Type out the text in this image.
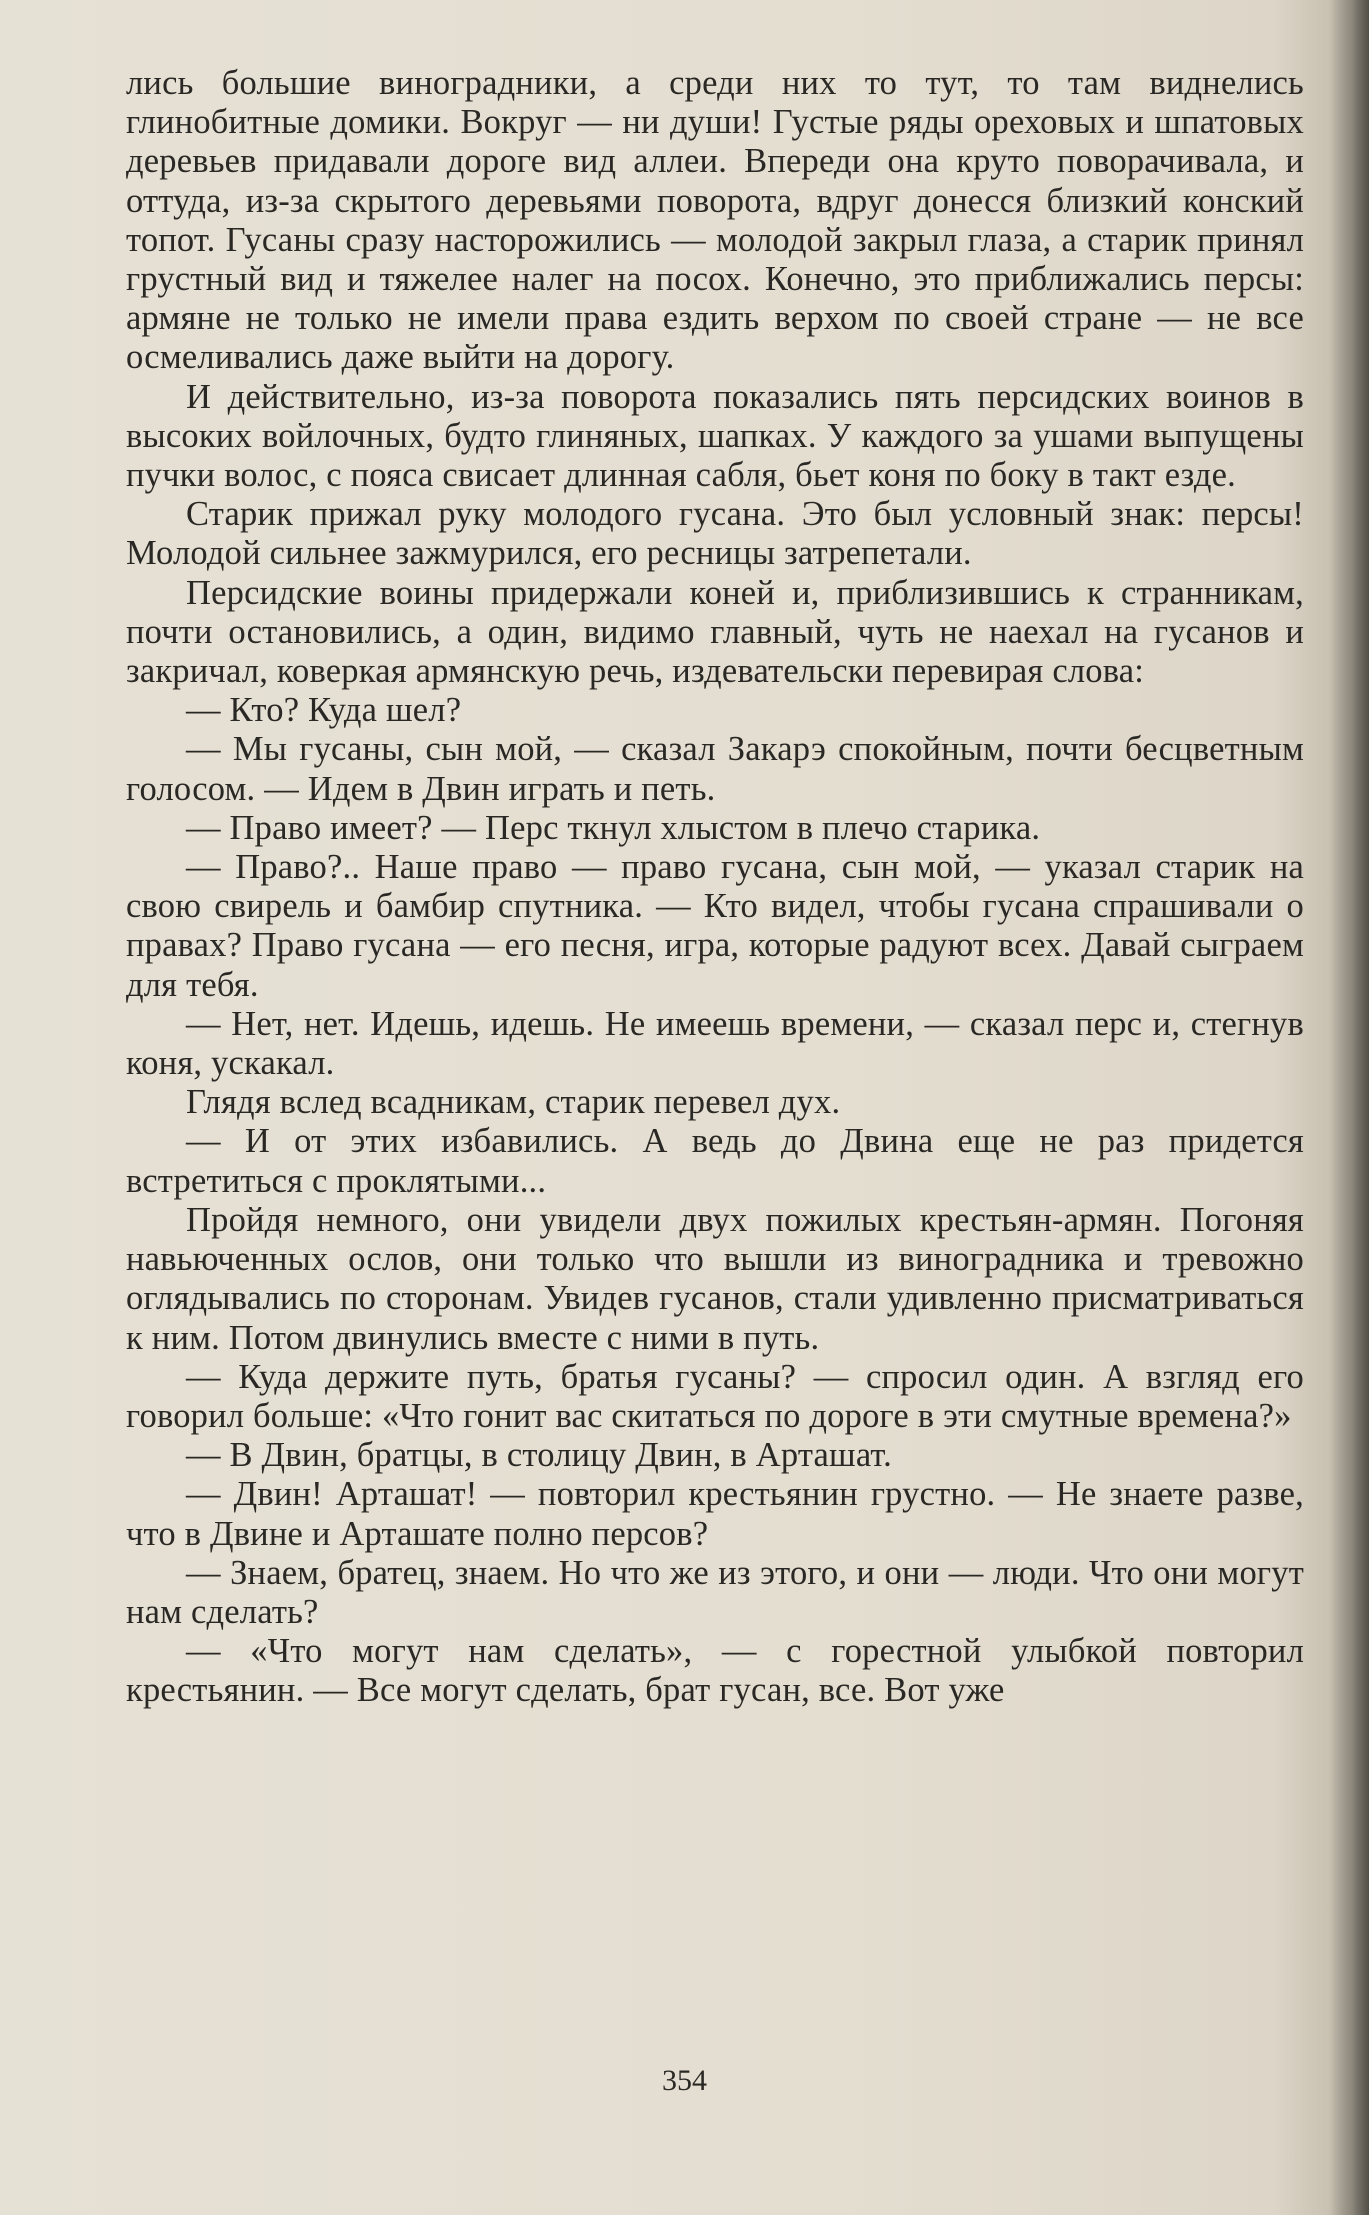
лись большие виноградники, а среди них то тут, то там виднелись глинобитные домики. Вокруг — ни души! Густые ряды ореховых и шпатовых деревьев придавали дороге вид аллеи. Впереди она круто поворачивала, и оттуда, из-за скрытого деревьями поворота, вдруг донесся близкий конский топот. Гусаны сразу насторожились — молодой закрыл глаза, а старик принял грустный вид и тяжелее налег на посох. Конечно, это приближались персы: армяне не только не имели права ездить верхом по своей стране — не все осмеливались даже выйти на дорогу.

И действительно, из-за поворота показались пять персидских воинов в высоких войлочных, будто глиняных, шапках. У каждого за ушами выпущены пучки волос, с пояса свисает длинная сабля, бьет коня по боку в такт езде.

Старик прижал руку молодого гусана. Это был условный знак: персы! Молодой сильнее зажмурился, его ресницы затрепетали.

Персидские воины придержали коней и, приблизившись к странникам, почти остановились, а один, видимо главный, чуть не наехал на гусанов и закричал, коверкая армянскую речь, издевательски перевирая слова:

— Кто? Куда шел?

— Мы гусаны, сын мой, — сказал Закарэ спокойным, почти бесцветным голосом. — Идем в Двин играть и петь.

— Право имеет? — Перс ткнул хлыстом в плечо старика.

— Право?.. Наше право — право гусана, сын мой, — указал старик на свою свирель и бамбир спутника. — Кто видел, чтобы гусана спрашивали о правах? Право гусана — его песня, игра, которые радуют всех. Давай сыграем для тебя.

— Нет, нет. Идешь, идешь. Не имеешь времени, — сказал перс и, стегнув коня, ускакал.

Глядя вслед всадникам, старик перевел дух.

— И от этих избавились. А ведь до Двина еще не раз придется встретиться с проклятыми...

Пройдя немного, они увидели двух пожилых крестьян-армян. Погоняя навьюченных ослов, они только что вышли из виноградника и тревожно оглядывались по сторонам. Увидев гусанов, стали удивленно присматриваться к ним. Потом двинулись вместе с ними в путь.

— Куда держите путь, братья гусаны? — спросил один. А взгляд его говорил больше: «Что гонит вас скитаться по дороге в эти смутные времена?»

— В Двин, братцы, в столицу Двин, в Арташат.

— Двин! Арташат! — повторил крестьянин грустно. — Не знаете разве, что в Двине и Арташате полно персов?

— Знаем, братец, знаем. Но что же из этого, и они — люди. Что они могут нам сделать?

— «Что могут нам сделать», — с горестной улыбкой повторил крестьянин. — Все могут сделать, брат гусан, все. Вот уже

354
